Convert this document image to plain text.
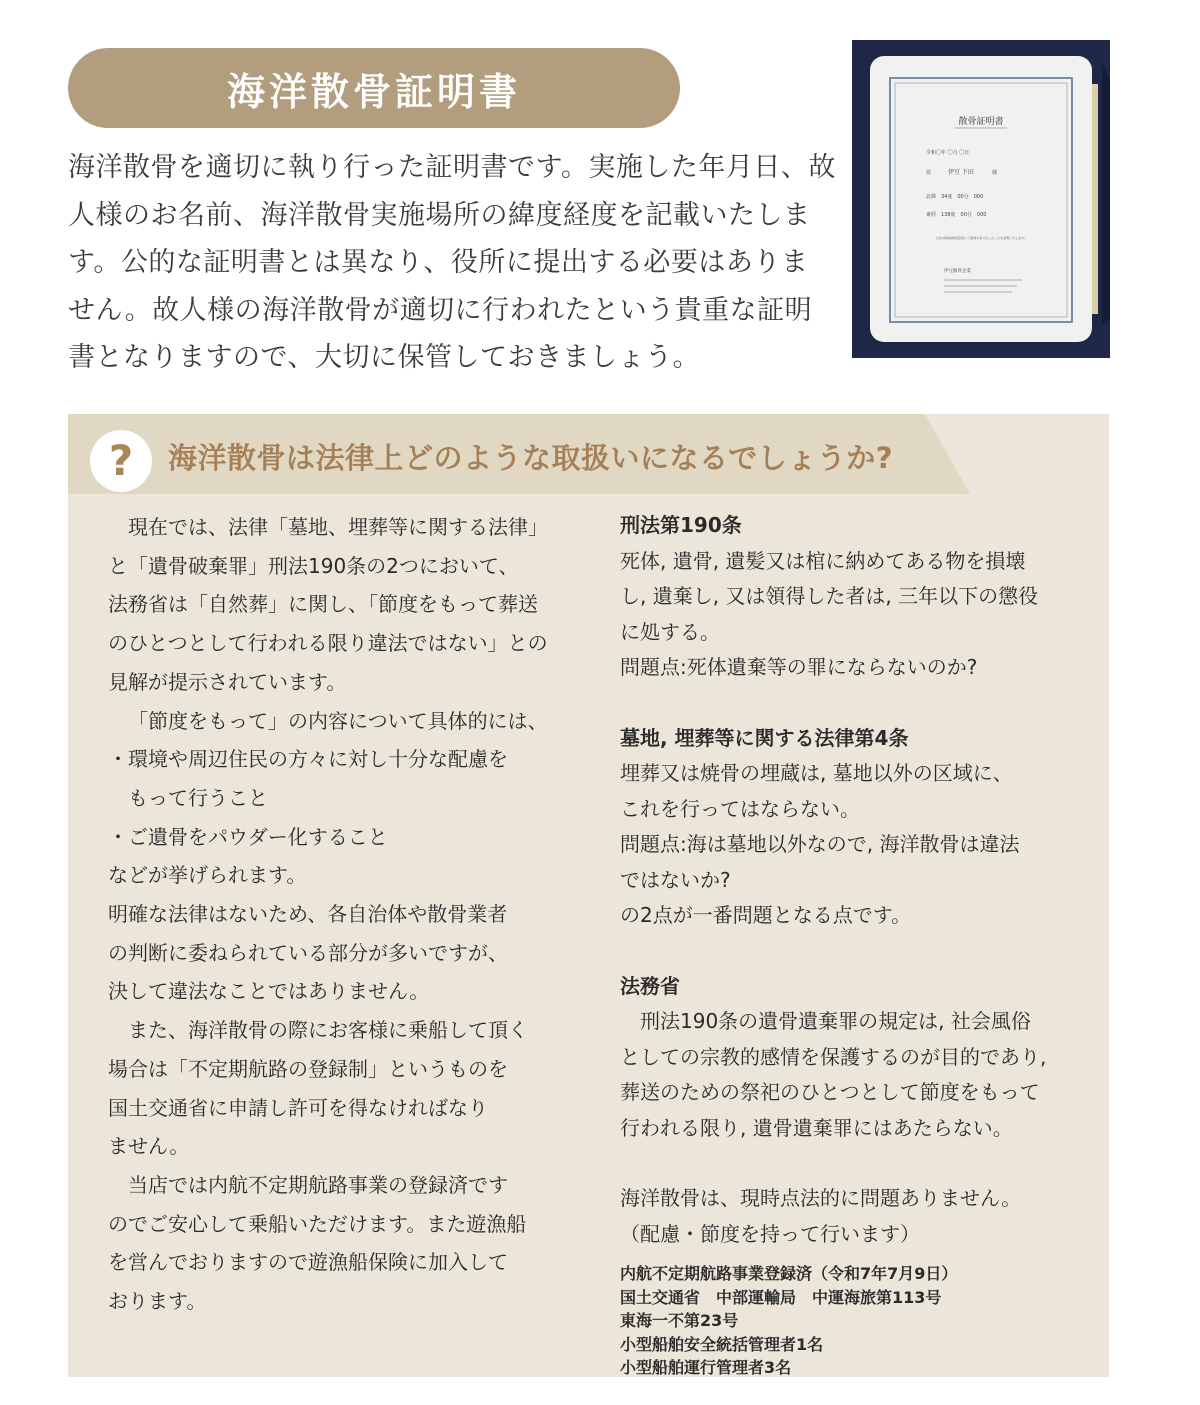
海洋散骨証明書
海洋散骨を適切に執り行った証明書です。実施した年月日、故
人様のお名前、海洋散骨実施場所の緯度経度を記載いたしま
す。公的な証明書とは異なり、役所に提出する必要はありま
せん。故人様の海洋散骨が適切に行われたという貴重な証明
書となりますので、大切に保管しておきましょう。
散骨証明書
令和〇年 〇月 〇日
故	伊豆 下田	様
北緯　34度　00分　000
東経　138度　00分　000
上記の海域(緯度経度)にて散骨を執り行ったことを証明いたします。
伊豆散骨企業
? 海洋散骨は法律上どのような取扱いになるでしょうか?

　現在では、法律「墓地、埋葬等に関する法律」

と「遺骨破棄罪」刑法190条の2つにおいて、

法務省は「自然葬」に関し、「節度をもって葬送

のひとつとして行われる限り違法ではない」との

見解が提示されています。

「節度をもって」の内容について具体的には、

・環境や周辺住民の方々に対し十分な配慮を

　もって行うこと

・ご遺骨をパウダー化すること

などが挙げられます。

明確な法律はないため、各自治体や散骨業者

の判断に委ねられている部分が多いですが、

決して違法なことではありません。

　また、海洋散骨の際にお客様に乗船して頂く

場合は「不定期航路の登録制」というものを

国土交通省に申請し許可を得なければなり

ません。

　当店では内航不定期航路事業の登録済です

のでご安心して乗船いただけます。また遊漁船

を営んでおりますので遊漁船保険に加入して

おります。

刑法第190条

死体, 遺骨, 遺髪又は棺に納めてある物を損壊

し, 遺棄し, 又は領得した者は, 三年以下の懲役

に処する。

問題点:死体遺棄等の罪にならないのか?

墓地, 埋葬等に関する法律第4条

埋葬又は焼骨の埋蔵は, 墓地以外の区域に、

これを行ってはならない。

問題点:海は墓地以外なので, 海洋散骨は違法

ではないか?

の2点が一番問題となる点です。

法務省

　刑法190条の遺骨遺棄罪の規定は, 社会風俗

としての宗教的感情を保護するのが目的であり,

葬送のための祭祀のひとつとして節度をもって

行われる限り, 遺骨遺棄罪にはあたらない。

海洋散骨は、現時点法的に問題ありません。

（配慮・節度を持って行います）

内航不定期航路事業登録済（令和7年7月9日）
国土交通省　中部運輸局　中運海旅第113号
東海一不第23号
小型船舶安全統括管理者1名
小型船舶運行管理者3名
